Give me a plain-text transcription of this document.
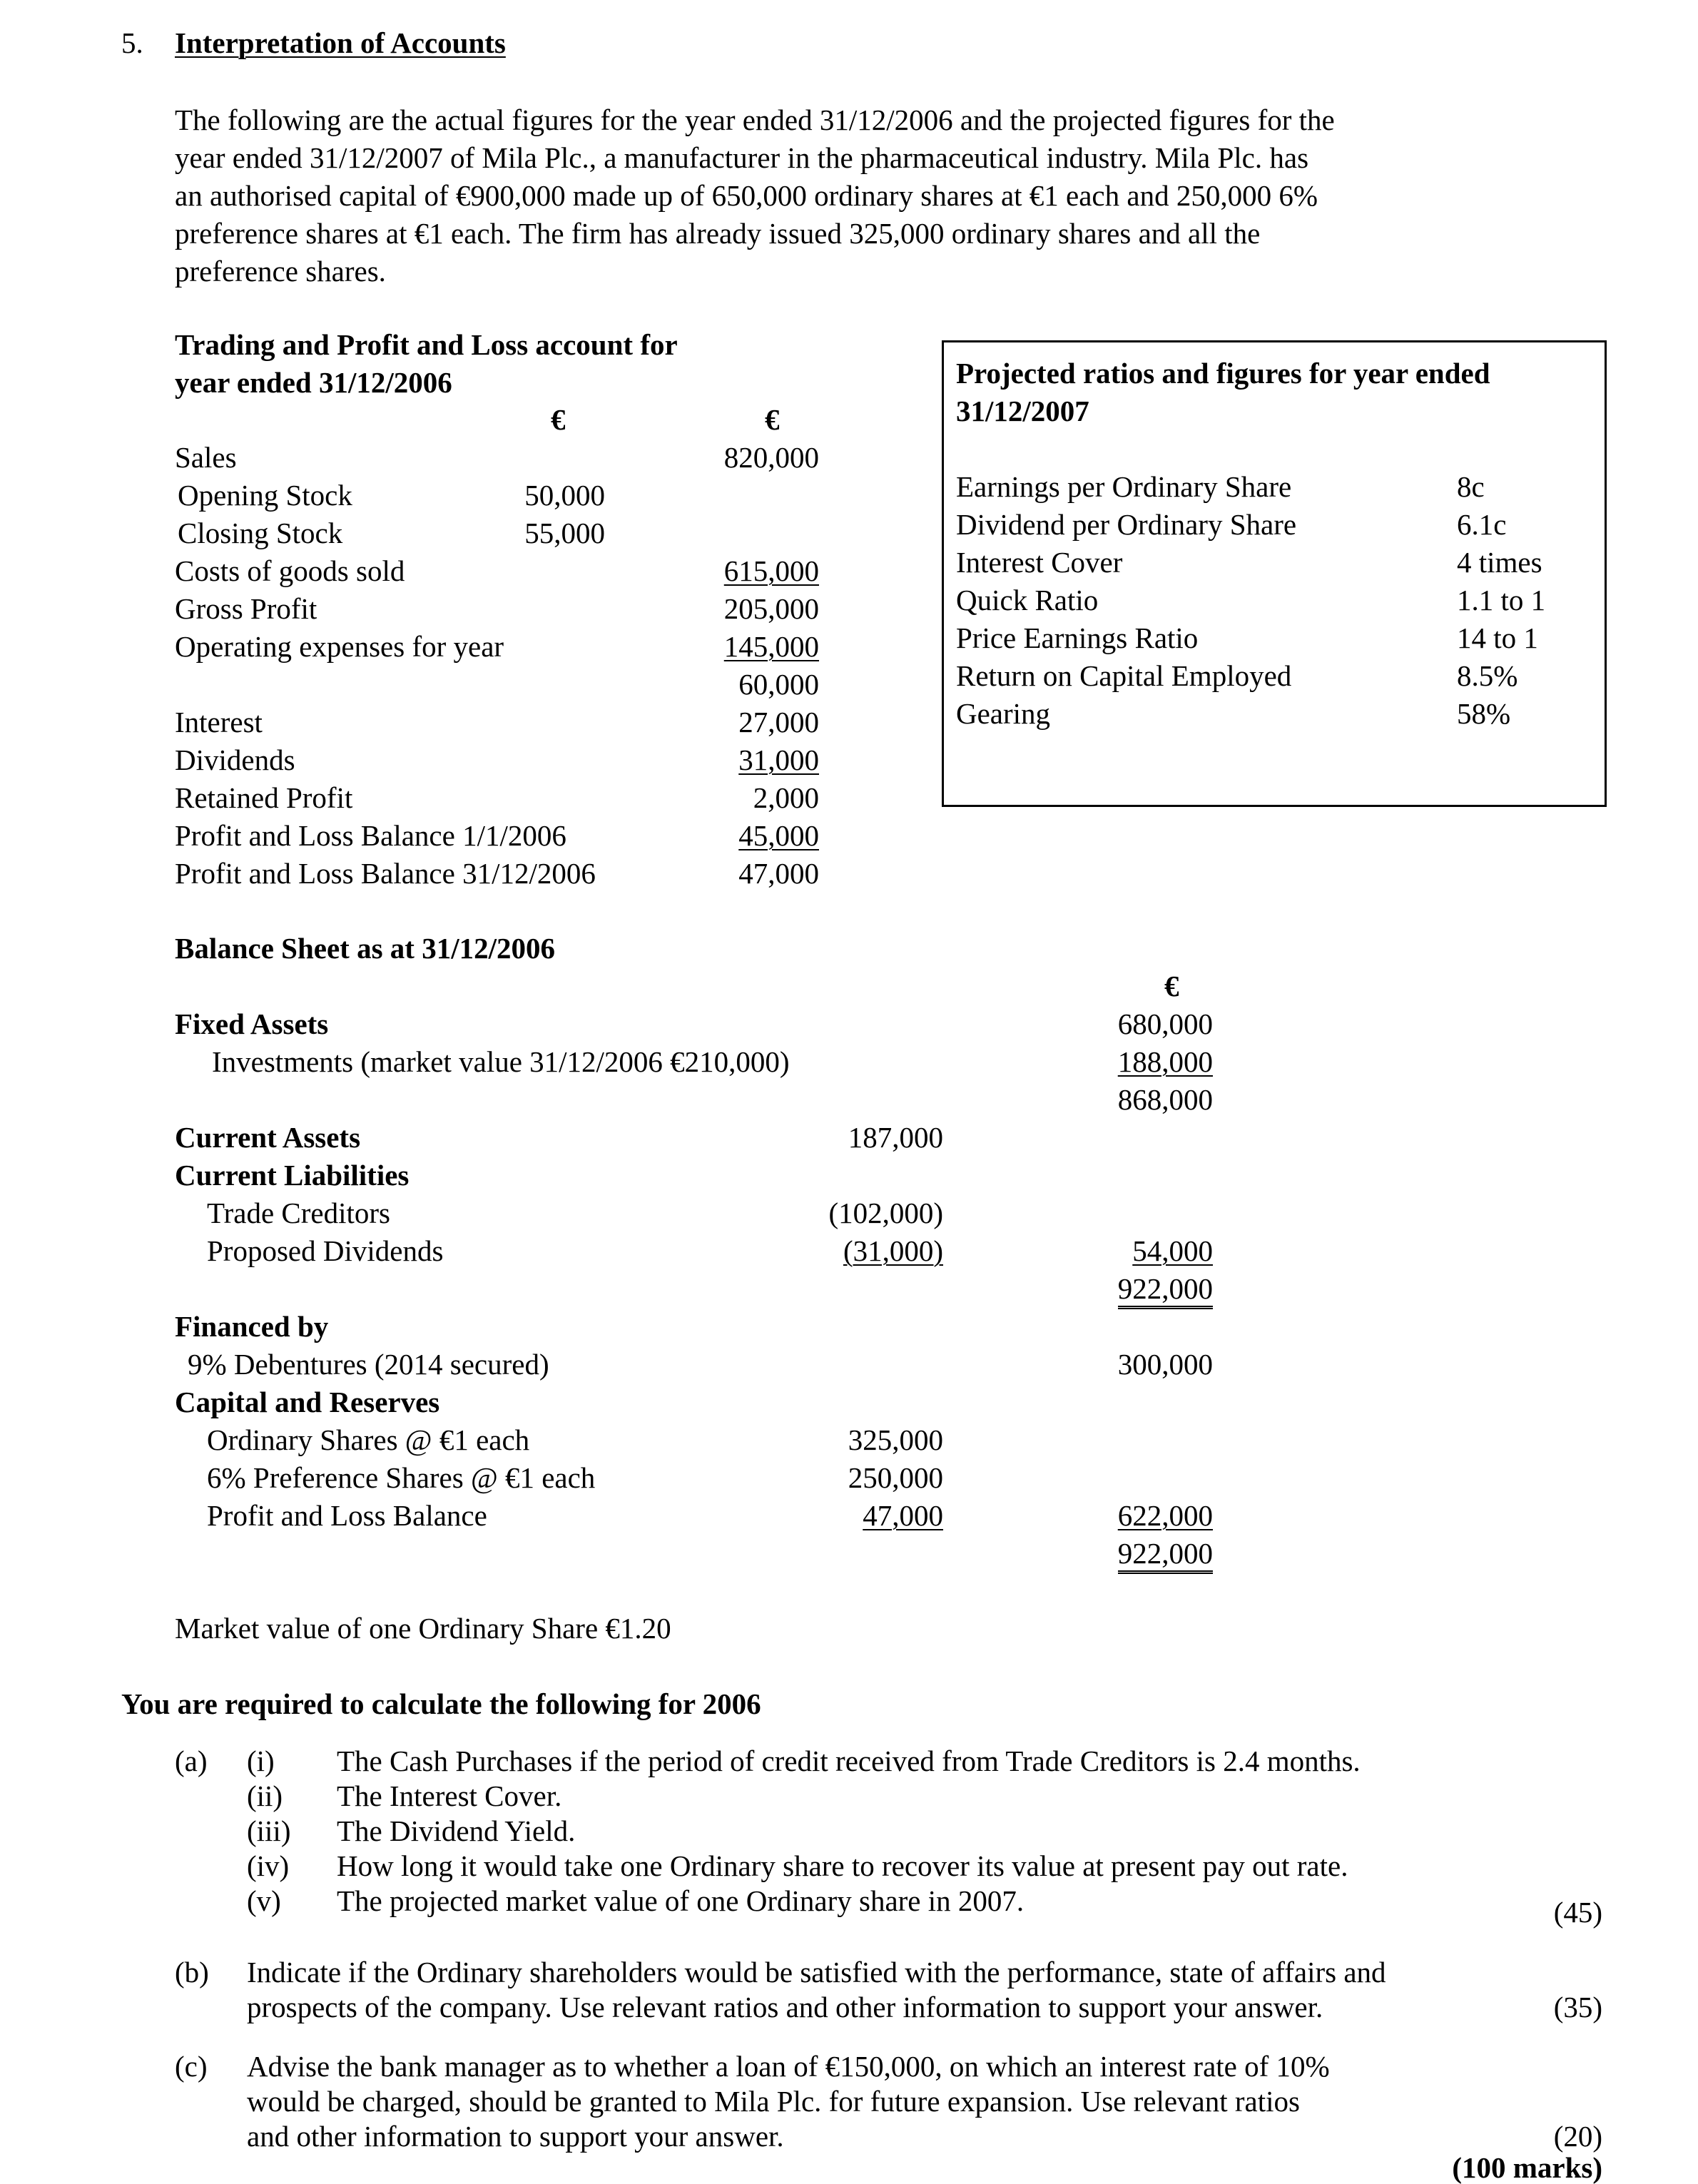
5. Interpretation of Accounts

The following are the actual figures for the year ended 31/12/2006 and the projected figures for the

year ended 31/12/2007 of Mila Plc., a manufacturer in the pharmaceutical industry. Mila Plc. has

an authorised capital of €900,000 made up of 650,000 ordinary shares at €1 each and 250,000 6%

preference shares at €1 each. The firm has already issued 325,000 ordinary shares and all the

preference shares.

Trading and Profit and Loss account for
year ended 31/12/2006
€	€
Sales	820,000
Opening Stock	50,000
Closing Stock	55,000
Costs of goods sold	615,000
Gross Profit	205,000
Operating expenses for year	145,000
60,000
Interest	27,000
Dividends	31,000
Retained Profit	2,000
Profit and Loss Balance 1/1/2006	45,000
Profit and Loss Balance 31/12/2006	47,000
Projected ratios and figures for year ended
31/12/2007
Earnings per Ordinary Share	8c
Dividend per Ordinary Share	6.1c
Interest Cover	4 times
Quick Ratio	1.1 to 1
Price Earnings Ratio	14 to 1
Return on Capital Employed	8.5%
Gearing	58%
Balance Sheet as at 31/12/2006
€
Fixed Assets	680,000
Investments (market value 31/12/2006 €210,000)	188,000
868,000
Current Assets	187,000
Current Liabilities
Trade Creditors	(102,000)
Proposed Dividends	(31,000)	54,000
922,000
Financed by
9% Debentures (2014 secured)	300,000
Capital and Reserves
Ordinary Shares @ €1 each	325,000
6% Preference Shares @ €1 each	250,000
Profit and Loss Balance	47,000	622,000
922,000
Market value of one Ordinary Share €1.20
You are required to calculate the following for 2006
(a) (i) The Cash Purchases if the period of credit received from Trade Creditors is 2.4 months.
(ii) The Interest Cover.
(iii) The Dividend Yield.
(iv) How long it would take one Ordinary share to recover its value at present pay out rate.
(v) The projected market value of one Ordinary share in 2007.	(45)
(b) Indicate if the Ordinary shareholders would be satisfied with the performance, state of affairs and
prospects of the company. Use relevant ratios and other information to support your answer.	(35)
(c) Advise the bank manager as to whether a loan of €150,000, on which an interest rate of 10%
would be charged, should be granted to Mila Plc. for future expansion. Use relevant ratios
and other information to support your answer.	(20)
(100 marks)
